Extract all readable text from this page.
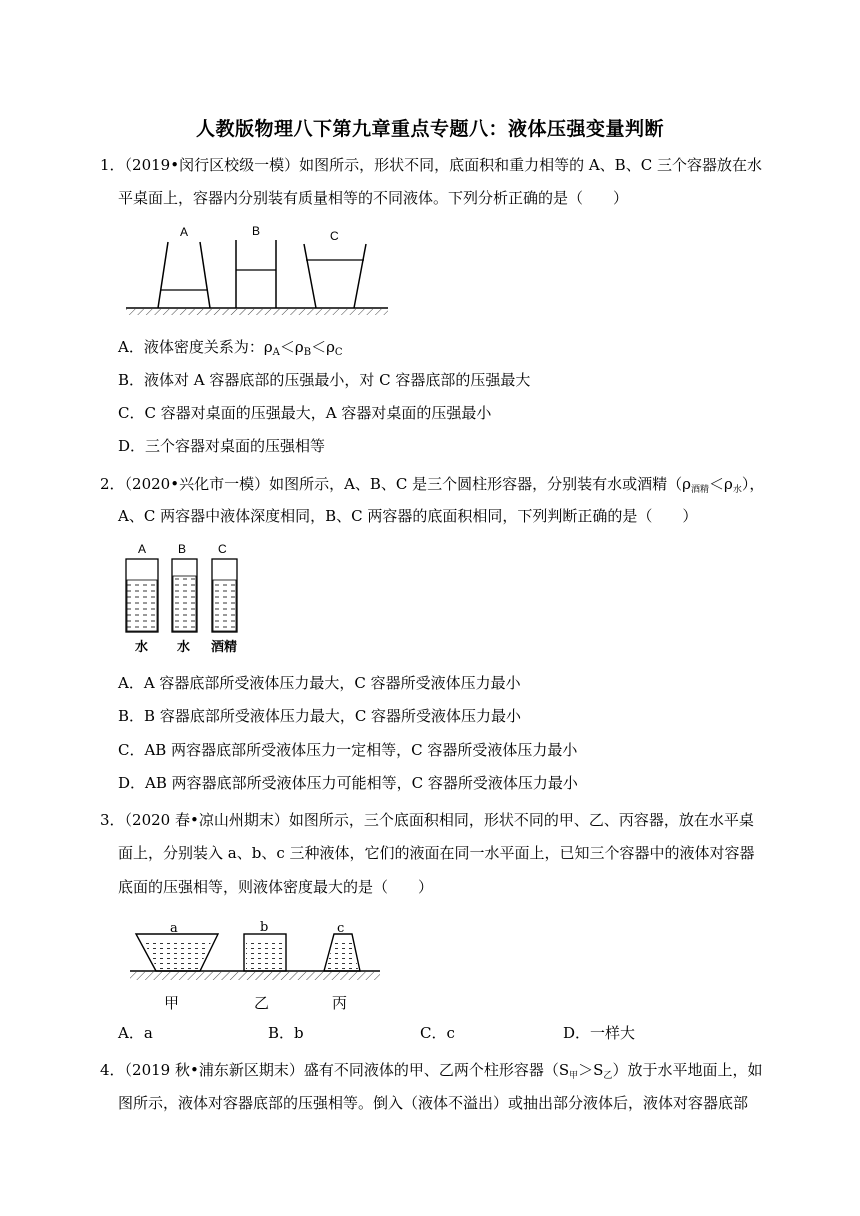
人教版物理八下第九章重点专题八：液体压强变量判断
1．（2019•闵行区校级一模）如图所示，形状不同，底面积和重力相等的 A、B、C 三个容器放在水
平桌面上，容器内分别装有质量相等的不同液体。下列分析正确的是（　　）
A	B	C
A．液体密度关系为：$\rho_A<\rho_B<\rho_C$
B．液体对 A 容器底部的压强最小，对 C 容器底部的压强最大
C．C 容器对桌面的压强最大，A 容器对桌面的压强最小
D．三个容器对桌面的压强相等
2．（2020•兴化市一模）如图所示，A、B、C 是三个圆柱形容器，分别装有水或酒精$(\rho_{酒精}<\rho_水)$，
A、C 两容器中液体深度相同，B、C 两容器的底面积相同，下列判断正确的是（　　）
A	B	C
水 水 酒精
A．A 容器底部所受液体压力最大，C 容器所受液体压力最小
B．B 容器底部所受液体压力最大，C 容器所受液体压力最小
C．AB 两容器底部所受液体压力一定相等，C 容器所受液体压力最小
D．AB 两容器底部所受液体压力可能相等，C 容器所受液体压力最小
3．（2020 春•凉山州期末）如图所示，三个底面积相同，形状不同的甲、乙、丙容器，放在水平桌
面上，分别装入 a、b、c 三种液体，它们的液面在同一水平面上，已知三个容器中的液体对容器
底面的压强相等，则液体密度最大的是（　　）
a	b	c
甲	乙	丙
A．a	B．b	C．c	D．一样大
4．（2019 秋•浦东新区期末）盛有不同液体的甲、乙两个柱形容器$(S_甲>S_乙)$放于水平地面上，如
图所示，液体对容器底部的压强相等。倒入（液体不溢出）或抽出部分液体后，液体对容器底部
